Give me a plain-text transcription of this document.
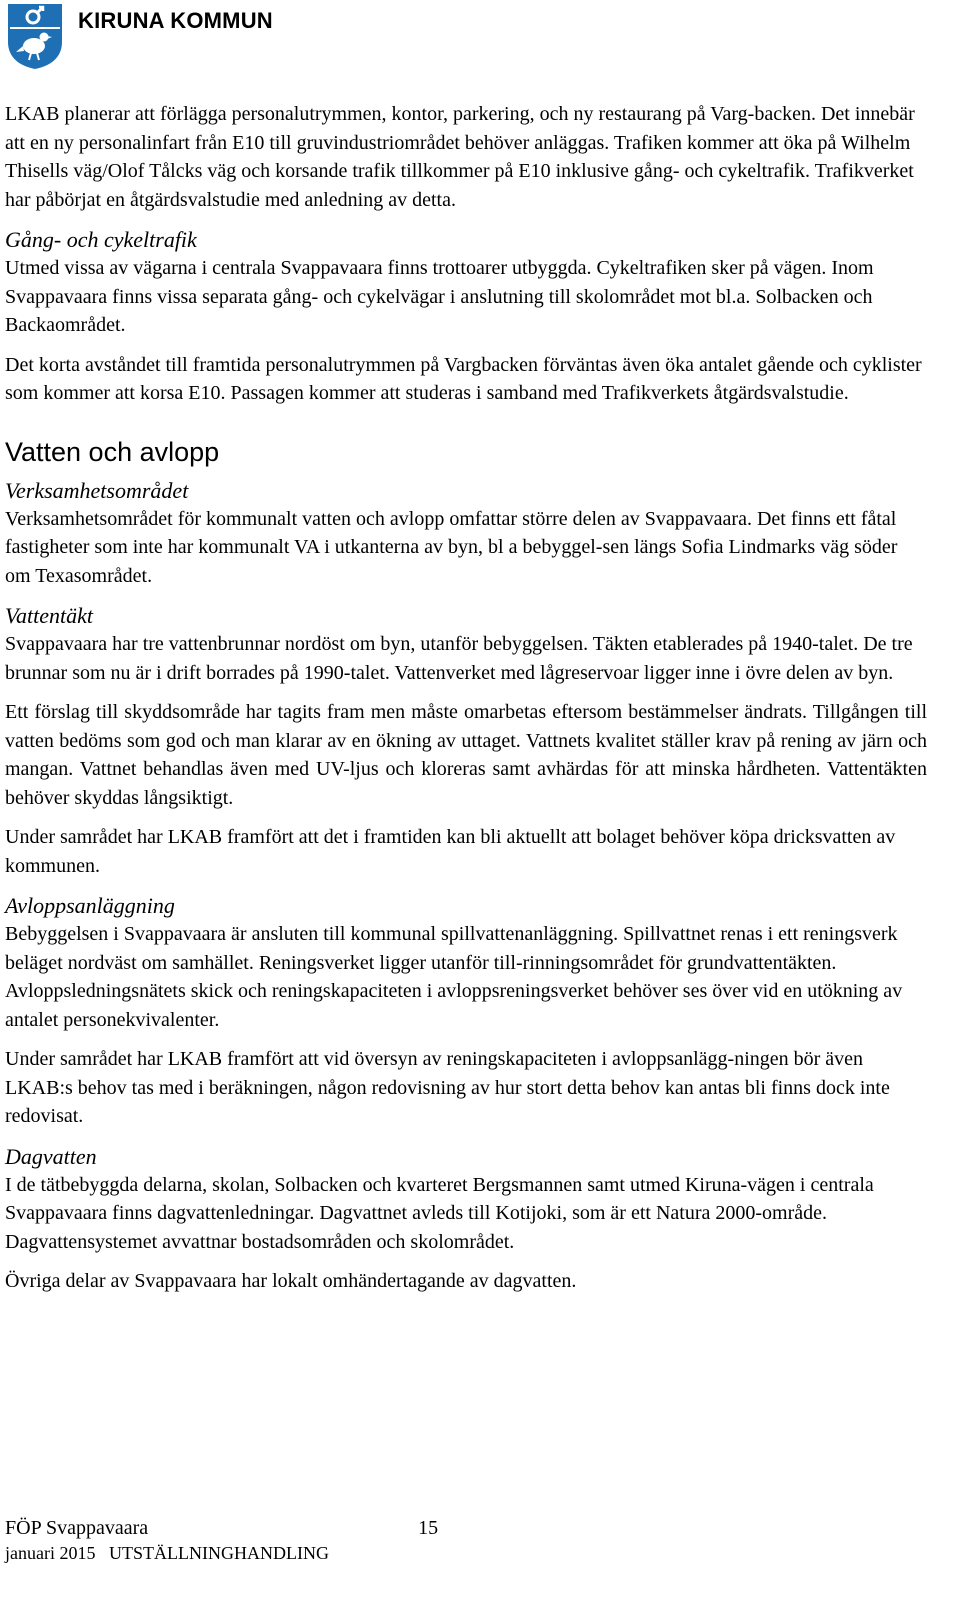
KIRUNA KOMMUN

LKAB planerar att förlägga personalutrymmen, kontor, parkering, och ny restaurang på Varg-backen. Det innebär att en ny personalinfart från E10 till gruvindustriområdet behöver anläggas. Trafiken kommer att öka på Wilhelm Thisells väg/Olof Tålcks väg och korsande trafik tillkommer på E10 inklusive gång- och cykeltrafik. Trafikverket har påbörjat en åtgärdsvalstudie med anledning av detta.

Gång- och cykeltrafik

Utmed vissa av vägarna i centrala Svappavaara finns trottoarer utbyggda. Cykeltrafiken sker på vägen. Inom Svappavaara finns vissa separata gång- och cykelvägar i anslutning till skolområdet mot bl.a. Solbacken och Backaområdet.

Det korta avståndet till framtida personalutrymmen på Vargbacken förväntas även öka antalet gående och cyklister som kommer att korsa E10. Passagen kommer att studeras i samband med Trafikverkets åtgärdsvalstudie.

Vatten och avlopp
Verksamhetsområdet

Verksamhetsområdet för kommunalt vatten och avlopp omfattar större delen av Svappavaara. Det finns ett fåtal fastigheter som inte har kommunalt VA i utkanterna av byn, bl a bebyggel-sen längs Sofia Lindmarks väg söder om Texasområdet.

Vattentäkt

Svappavaara har tre vattenbrunnar nordöst om byn, utanför bebyggelsen. Täkten etablerades på 1940-talet. De tre brunnar som nu är i drift borrades på 1990-talet. Vattenverket med lågreservoar ligger inne i övre delen av byn.

Ett förslag till skyddsområde har tagits fram men måste omarbetas eftersom bestämmelser ändrats. Tillgången till vatten bedöms som god och man klarar av en ökning av uttaget. Vattnets kvalitet ställer krav på rening av järn och mangan. Vattnet behandlas även med UV-ljus och kloreras samt avhärdas för att minska hårdheten. Vattentäkten behöver skyddas långsiktigt.

Under samrådet har LKAB framfört att det i framtiden kan bli aktuellt att bolaget behöver köpa dricksvatten av kommunen.

Avloppsanläggning

Bebyggelsen i Svappavaara är ansluten till kommunal spillvattenanläggning. Spillvattnet renas i ett reningsverk beläget nordväst om samhället. Reningsverket ligger utanför till-rinningsområdet för grundvattentäkten. Avloppsledningsnätets skick och reningskapaciteten i avloppsreningsverket behöver ses över vid en utökning av antalet personekvivalenter.

Under samrådet har LKAB framfört att vid översyn av reningskapaciteten i avloppsanlägg-ningen bör även LKAB:s behov tas med i beräkningen, någon redovisning av hur stort detta behov kan antas bli finns dock inte redovisat.

Dagvatten

I de tätbebyggda delarna, skolan, Solbacken och kvarteret Bergsmannen samt utmed Kiruna-vägen i centrala Svappavaara finns dagvattenledningar. Dagvattnet avleds till Kotijoki, som är ett Natura 2000-område. Dagvattensystemet avvattnar bostadsområden och skolområdet.

Övriga delar av Svappavaara har lokalt omhändertagande av dagvatten.

FÖP Svappavaara	15
januari 2015   UTSTÄLLNINGHANDLING
